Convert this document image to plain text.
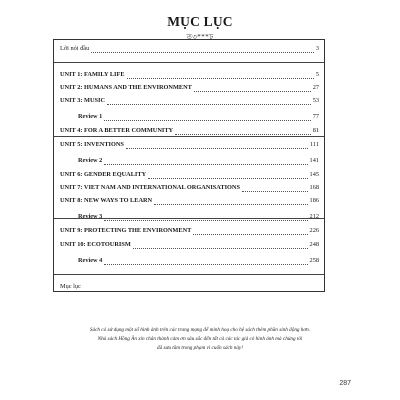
MỤC LỤC
ত৩***ঢ়
Lời nói đầu	3
UNIT 1: FAMILY LIFE	5
UNIT 2: HUMANS AND THE ENVIRONMENT	27
UNIT 3: MUSIC	53
Review 1	77
UNIT 4: FOR A BETTER COMMUNITY	81
UNIT 5: INVENTIONS	111
Review 2	141
UNIT 6: GENDER EQUALITY	145
UNIT 7: VIET NAM AND INTERNATIONAL ORGANISATIONS	168
UNIT 8: NEW WAYS TO LEARN	186
Review 3	212
UNIT 9: PROTECTING THE ENVIRONMENT	226
UNIT 10: ECOTOURISM	248
Review 4	258
Mục lục
Sách có sử dụng một số hình ảnh trên các trang mạng để minh hoạ cho hệ sách thêm phần sinh động hơn.
Nhà sách Hồng Ân xin chân thành cảm ơn sâu sắc đến tất cả các tác giả có hình ảnh mà chúng tôi
đã sưu tầm trong phạm vi cuốn sách này!
287
